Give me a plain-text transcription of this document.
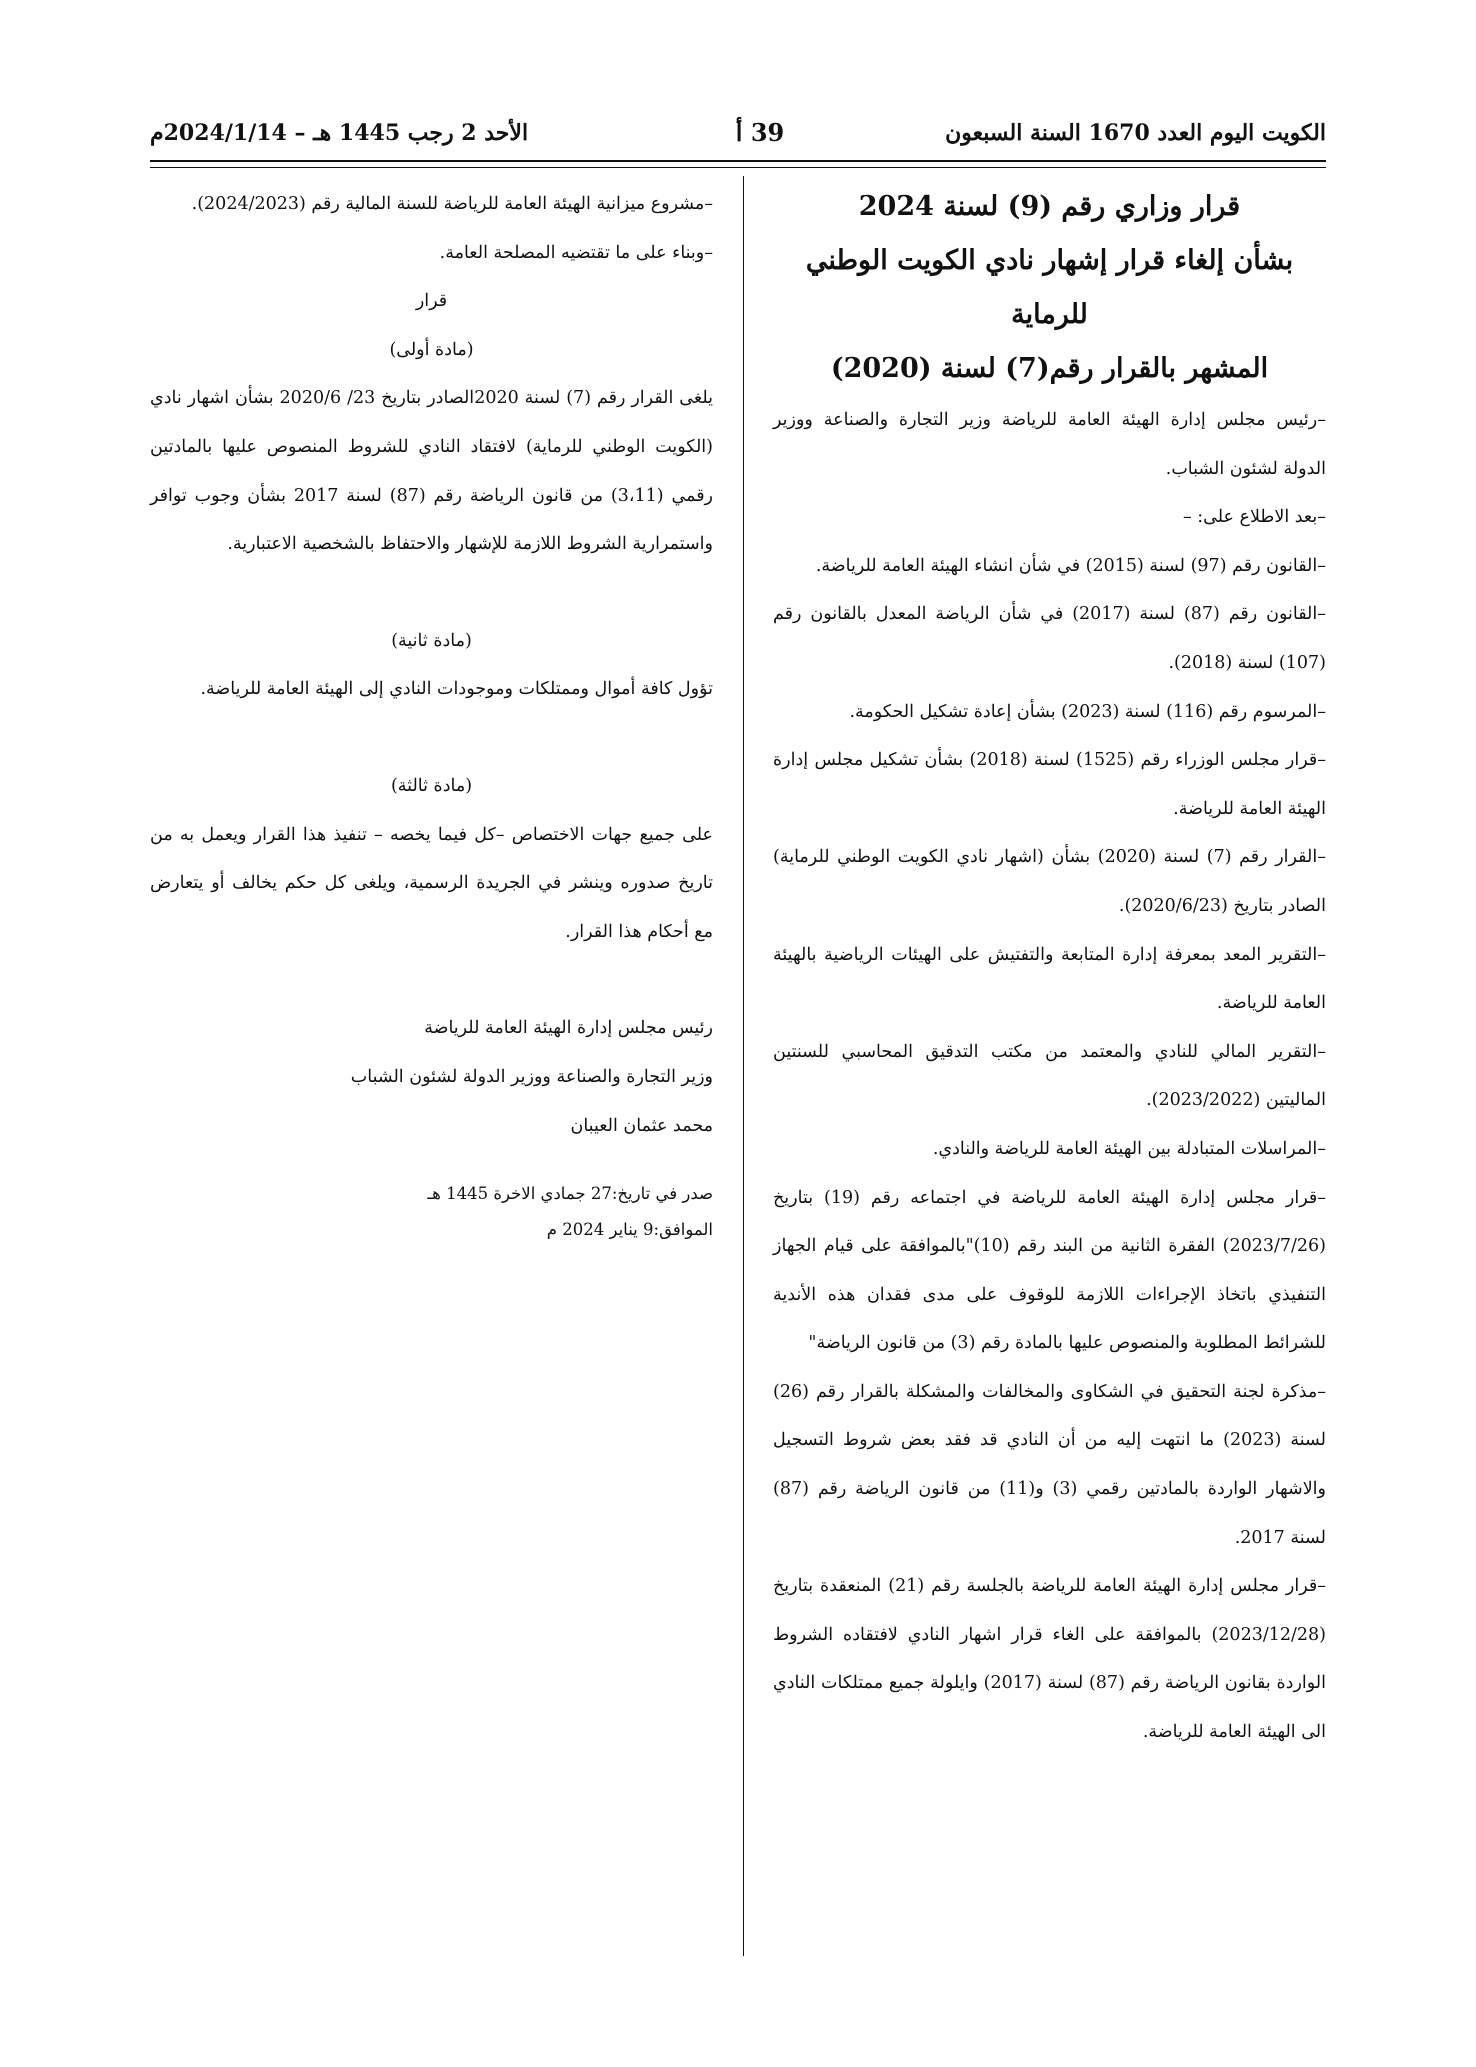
الكويت اليوم العدد 1670 السنة السبعون
39 أ
الأحد 2 رجب 1445 هـ – 2024/1/14م

قرار وزاري رقم (9) لسنة 2024

بشأن إلغاء قرار إشهار نادي الكويت الوطني للرماية

المشهر بالقرار رقم(7) لسنة (2020)

–رئيس مجلس إدارة الهيئة العامة للرياضة وزير التجارة والصناعة ووزير الدولة لشئون الشباب.

–بعد الاطلاع على: –

–القانون رقم (97) لسنة (2015) في شأن انشاء الهيئة العامة للرياضة.

–القانون رقم (87) لسنة (2017) في شأن الرياضة المعدل بالقانون رقم (107) لسنة (2018).

–المرسوم رقم (116) لسنة (2023) بشأن إعادة تشكيل الحكومة.

–قرار مجلس الوزراء رقم (1525) لسنة (2018) بشأن تشكيل مجلس إدارة الهيئة العامة للرياضة.

–القرار رقم (7) لسنة (2020) بشأن (اشهار نادي الكويت الوطني للرماية) الصادر بتاريخ (2020/6/23).

–التقرير المعد بمعرفة إدارة المتابعة والتفتيش على الهيئات الرياضية بالهيئة العامة للرياضة.

–التقرير المالي للنادي والمعتمد من مكتب التدقيق المحاسبي للسنتين الماليتين (2023/2022).

–المراسلات المتبادلة بين الهيئة العامة للرياضة والنادي.

–قرار مجلس إدارة الهيئة العامة للرياضة في اجتماعه رقم (19) بتاريخ (2023/7/26) الفقرة الثانية من البند رقم (10)"بالموافقة على قيام الجهاز التنفيذي باتخاذ الإجراءات اللازمة للوقوف على مدى فقدان هذه الأندية للشرائط المطلوبة والمنصوص عليها بالمادة رقم (3) من قانون الرياضة"

–مذكرة لجنة التحقيق في الشكاوى والمخالفات والمشكلة بالقرار رقم (26) لسنة (2023) ما انتهت إليه من أن النادي قد فقد بعض شروط التسجيل والاشهار الواردة بالمادتين رقمي (3) و(11) من قانون الرياضة رقم (87) لسنة 2017.

–قرار مجلس إدارة الهيئة العامة للرياضة بالجلسة رقم (21) المنعقدة بتاريخ (2023/12/28) بالموافقة على الغاء قرار اشهار النادي لافتقاده الشروط الواردة بقانون الرياضة رقم (87) لسنة (2017) وايلولة جميع ممتلكات النادي الى الهيئة العامة للرياضة.

–مشروع ميزانية الهيئة العامة للرياضة للسنة المالية رقم (2024/2023).

–وبناء على ما تقتضيه المصلحة العامة.

قرار

(مادة أولى)

يلغى القرار رقم (7) لسنة 2020الصادر بتاريخ 23/ 2020/6 بشأن اشهار نادي (الكويت الوطني للرماية) لافتقاد النادي للشروط المنصوص عليها بالمادتين رقمي (3،11) من قانون الرياضة رقم (87) لسنة 2017 بشأن وجوب توافر واستمرارية الشروط اللازمة للإشهار والاحتفاظ بالشخصية الاعتبارية.

(مادة ثانية)

تؤول كافة أموال وممتلكات وموجودات النادي إلى الهيئة العامة للرياضة.

(مادة ثالثة)

على جميع جهات الاختصاص –كل فيما يخصه – تنفيذ هذا القرار ويعمل به من تاريخ صدوره وينشر في الجريدة الرسمية، ويلغى كل حكم يخالف أو يتعارض مع أحكام هذا القرار.

رئيس مجلس إدارة الهيئة العامة للرياضة

وزير التجارة والصناعة ووزير الدولة لشئون الشباب

محمد عثمان العيبان

صدر في تاريخ:27 جمادي الاخرة 1445 هـ

الموافق:9 يناير 2024 م
